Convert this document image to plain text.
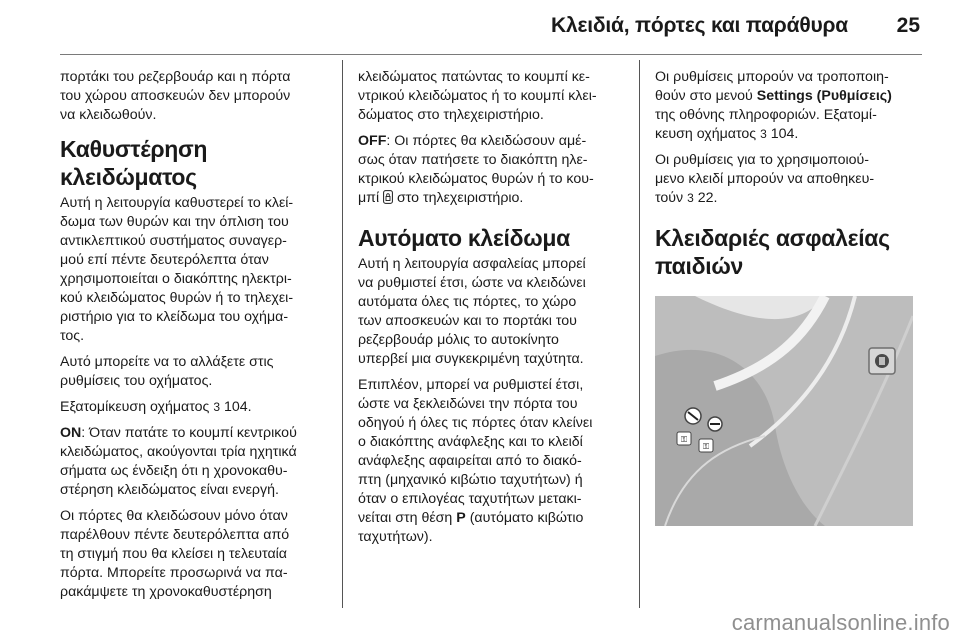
Κλειδιά, πόρτες και παράθυρα 25

πορτάκι του ρεζερβουάρ και η πόρτα
του χώρου αποσκευών δεν μπορούν
να κλειδωθούν.

Καθυστέρηση
κλειδώματος

Αυτή η λειτουργία καθυστερεί το κλεί-
δωμα των θυρών και την όπλιση του
αντικλεπτικού συστήματος συναγερ-
μού επί πέντε δευτερόλεπτα όταν
χρησιμοποιείται ο διακόπτης ηλεκτρι-
κού κλειδώματος θυρών ή το τηλεχει-
ριστήριο για το κλείδωμα του οχήμα-
τος.

Αυτό μπορείτε να το αλλάξετε στις
ρυθμίσεις του οχήματος.

Εξατομίκευση οχήματος 3 104.

ON: Όταν πατάτε το κουμπί κεντρικού
κλειδώματος, ακούγονται τρία ηχητικά
σήματα ως ένδειξη ότι η χρονοκαθυ-
στέρηση κλειδώματος είναι ενεργή.

Οι πόρτες θα κλειδώσουν μόνο όταν
παρέλθουν πέντε δευτερόλεπτα από
τη στιγμή που θα κλείσει η τελευταία
πόρτα. Μπορείτε προσωρινά να πα-
ρακάμψετε τη χρονοκαθυστέρηση

κλειδώματος πατώντας το κουμπί κε-
ντρικού κλειδώματος ή το κουμπί κλει-
δώματος στο τηλεχειριστήριο.

OFF: Οι πόρτες θα κλειδώσουν αμέ-
σως όταν πατήσετε το διακόπτη ηλε-
κτρικού κλειδώματος θυρών ή το κου-
μπί  στο τηλεχειριστήριο.

Αυτόματο κλείδωμα

Αυτή η λειτουργία ασφαλείας μπορεί
να ρυθμιστεί έτσι, ώστε να κλειδώνει
αυτόματα όλες τις πόρτες, το χώρο
των αποσκευών και το πορτάκι του
ρεζερβουάρ μόλις το αυτοκίνητο
υπερβεί μια συγκεκριμένη ταχύτητα.

Επιπλέον, μπορεί να ρυθμιστεί έτσι,
ώστε να ξεκλειδώνει την πόρτα του
οδηγού ή όλες τις πόρτες όταν κλείνει
ο διακόπτης ανάφλεξης και το κλειδί
ανάφλεξης αφαιρείται από το διακό-
πτη (μηχανικό κιβώτιο ταχυτήτων) ή
όταν ο επιλογέας ταχυτήτων μετακι-
νείται στη θέση P (αυτόματο κιβώτιο
ταχυτήτων).

Οι ρυθμίσεις μπορούν να τροποποιη-
θούν στο μενού Settings (Ρυθμίσεις)
της οθόνης πληροφοριών. Εξατομί-
κευση οχήματος 3 104.

Οι ρυθμίσεις για το χρησιμοποιού-
μενο κλειδί μπορούν να αποθηκευ-
τούν 3 22.

Κλειδαριές ασφαλείας
παιδιών
⚿
⚿
carmanualsonline.info
